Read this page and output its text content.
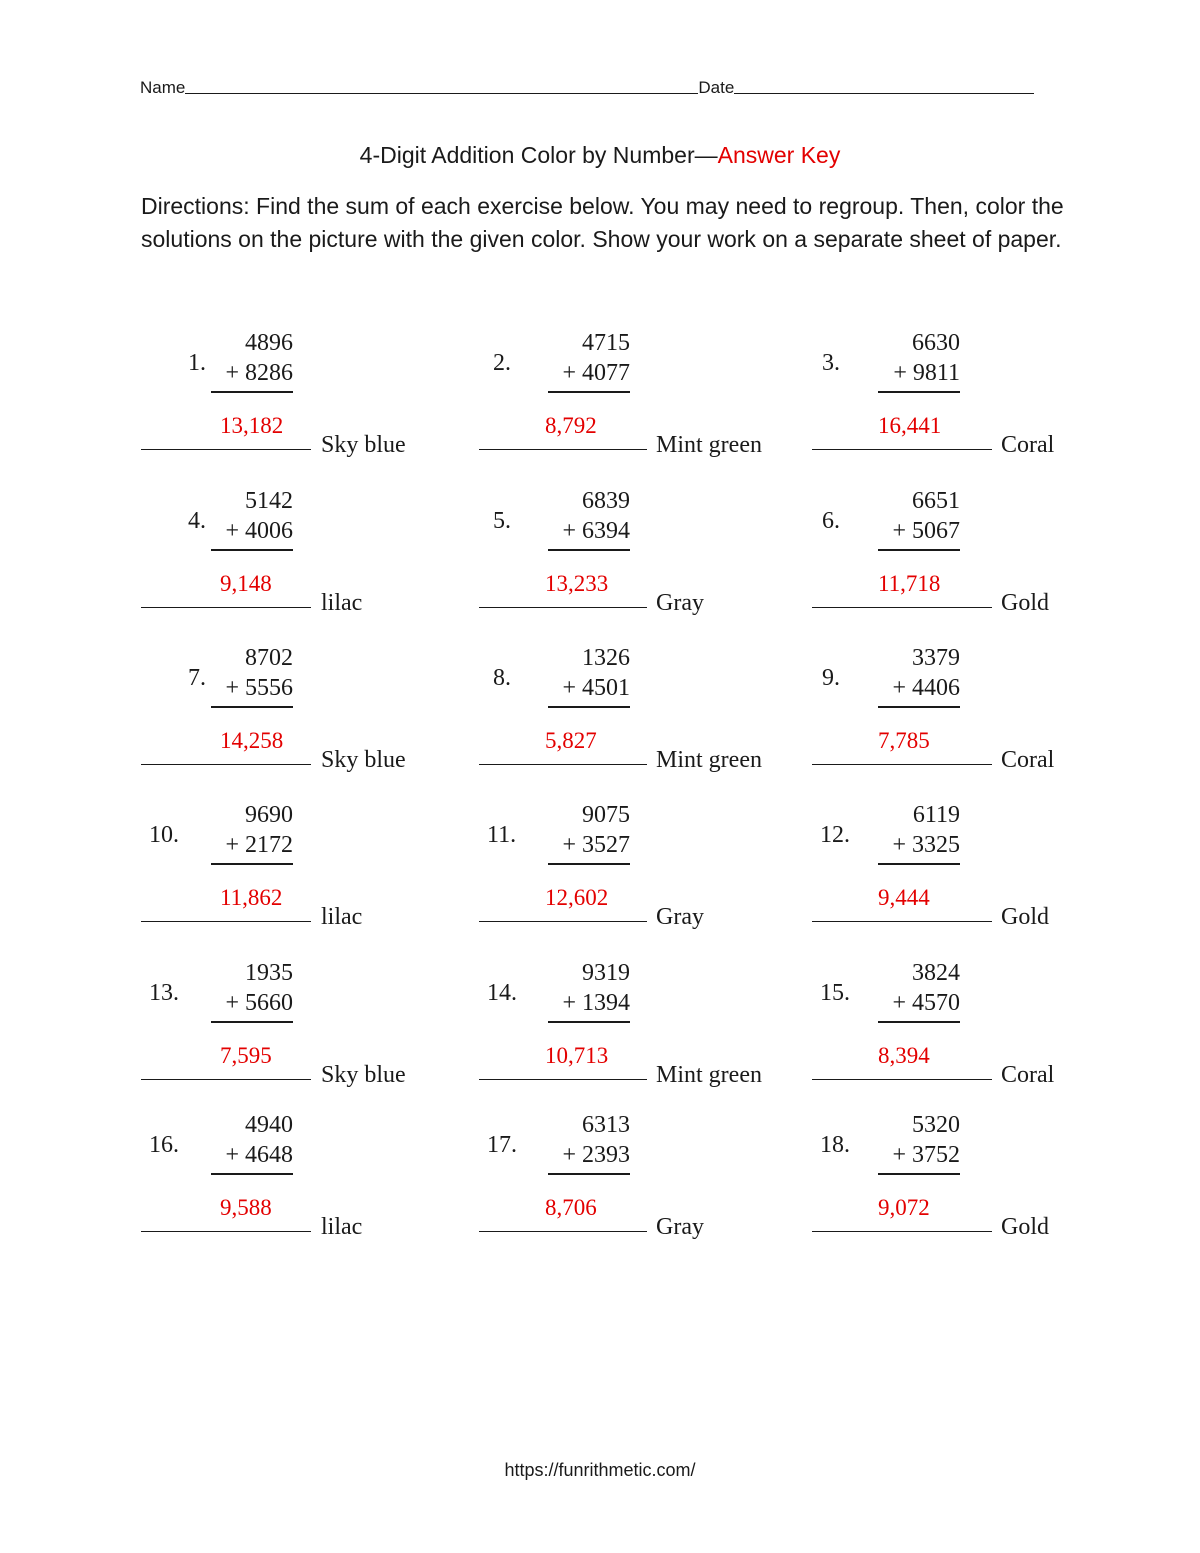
Name	Date
4-Digit Addition Color by Number—Answer Key
Directions: Find the sum of each exercise below. You may need to regroup. Then, color the solutions on the picture with the given color. Show your work on a separate sheet of paper.
1.
4896
+ 8286
13,182
Sky blue
2.
4715
+ 4077
8,792
Mint green
3.
6630
+ 9811
16,441
Coral
4.
5142
+ 4006
9,148
lilac
5.
6839
+ 6394
13,233
Gray
6.
6651
+ 5067
11,718
Gold
7.
8702
+ 5556
14,258
Sky blue
8.
1326
+ 4501
5,827
Mint green
9.
3379
+ 4406
7,785
Coral
10.
9690
+ 2172
11,862
lilac
11.
9075
+ 3527
12,602
Gray
12.
6119
+ 3325
9,444
Gold
13.
1935
+ 5660
7,595
Sky blue
14.
9319
+ 1394
10,713
Mint green
15.
3824
+ 4570
8,394
Coral
16.
4940
+ 4648
9,588
lilac
17.
6313
+ 2393
8,706
Gray
18.
5320
+ 3752
9,072
Gold
https://funrithmetic.com/
